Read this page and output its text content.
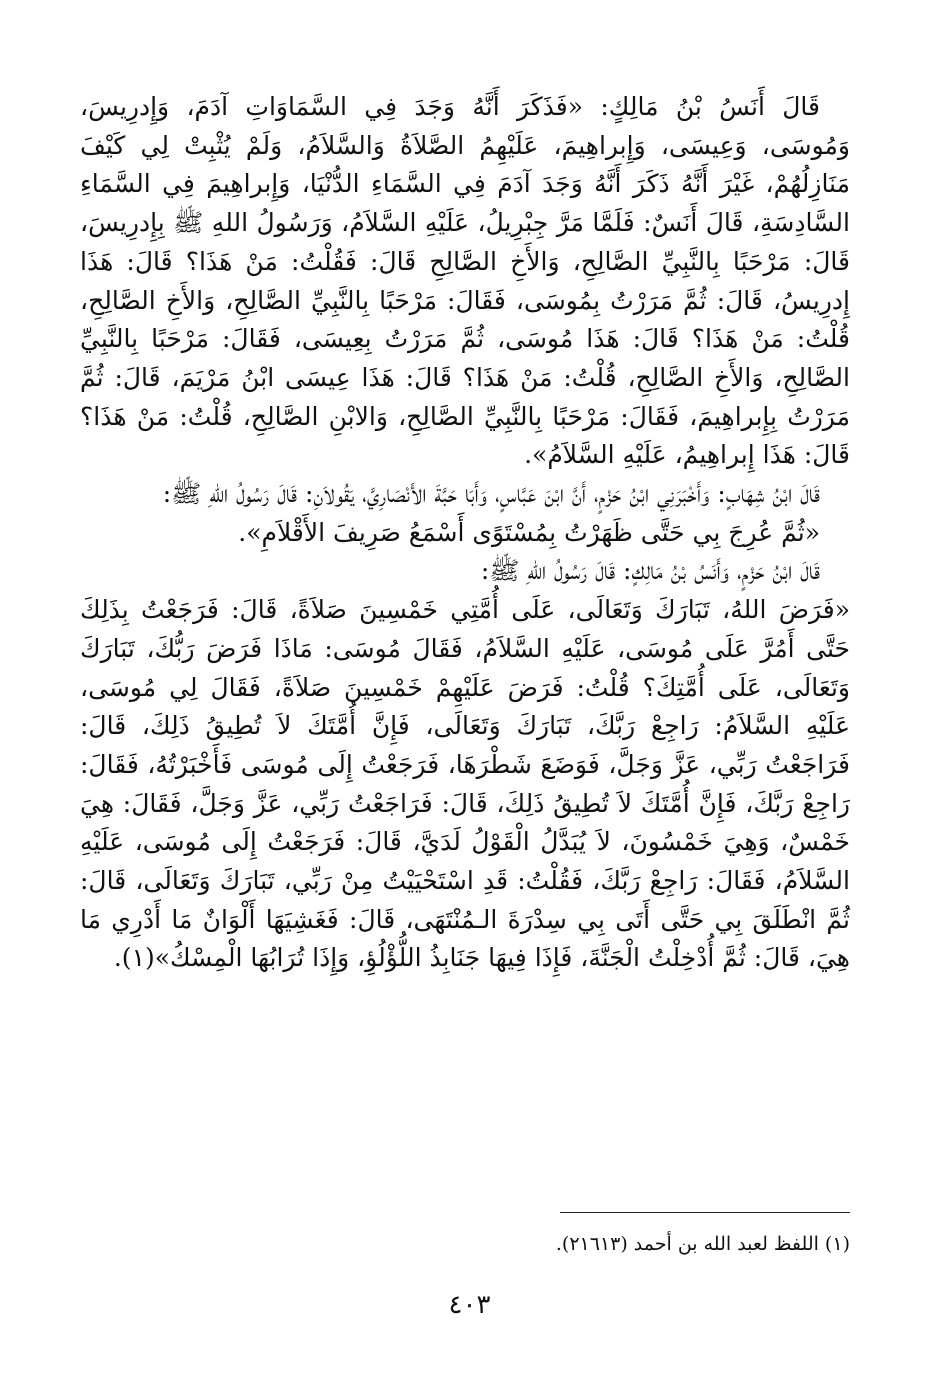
قَالَ أَنَسُ بْنُ مَالِكٍ: «فَذَكَرَ أَنَّهُ وَجَدَ فِي السَّمَاوَاتِ آدَمَ، وَإِدرِيسَ، وَمُوسَى، وَعِيسَى، وَإِبراهِيمَ، عَلَيْهِمُ الصَّلاَةُ وَالسَّلاَمُ، وَلَمْ يُثْبِتْ لِي كَيْفَ مَنَازِلُهُمْ، غَيْرَ أَنَّهُ ذَكَرَ أَنَّهُ وَجَدَ آدَمَ فِي السَّمَاءِ الدُّنْيَا، وَإِبراهِيمَ فِي السَّمَاءِ السَّادِسَةِ، قَالَ أَنَسٌ: فَلَمَّا مَرَّ جِبْرِيلُ، عَلَيْهِ السَّلاَمُ، وَرَسُولُ اللهِ ﷺ بِإِدرِيسَ، قَالَ: مَرْحَبًا بِالنَّبِيِّ الصَّالِحِ، وَالأَخِ الصَّالِحِ قَالَ: فَقُلْتُ: مَنْ هَذَا؟ قَالَ: هَذَا إِدرِيسُ، قَالَ: ثُمَّ مَرَرْتُ بِمُوسَى، فَقَالَ: مَرْحَبًا بِالنَّبِيِّ الصَّالِحِ، وَالأَخِ الصَّالِحِ، قُلْتُ: مَنْ هَذَا؟ قَالَ: هَذَا مُوسَى، ثُمَّ مَرَرْتُ بِعِيسَى، فَقَالَ: مَرْحَبًا بِالنَّبِيِّ الصَّالِحِ، وَالأَخِ الصَّالِحِ، قُلْتُ: مَنْ هَذَا؟ قَالَ: هَذَا عِيسَى ابْنُ مَرْيَمَ، قَالَ: ثُمَّ مَرَرْتُ بِإِبراهِيمَ، فَقَالَ: مَرْحَبًا بِالنَّبِيِّ الصَّالِحِ، وَالابْنِ الصَّالِحِ، قُلْتُ: مَنْ هَذَا؟ قَالَ: هَذَا إِبراهِيمُ، عَلَيْهِ السَّلاَمُ».

قَالَ ابْنُ شِهَابٍ: وَأَخْبَرَنِي ابْنُ حَزْمٍ، أَنَّ ابْنَ عَبَّاسٍ، وَأَبَا حَبَّةَ الأَنْصَارِيَّ، يَقُولاَنِ: قَالَ رَسُولُ اللهِ ﷺ:

«ثُمَّ عُرِجَ بِي حَتَّى ظَهَرْتُ بِمُسْتَوًى أَسْمَعُ صَرِيفَ الأَقْلاَمِ».

قَالَ ابْنُ حَزْمٍ، وَأَنَسُ بْنُ مَالِكٍ: قَالَ رَسُولُ اللهِ ﷺ:

«فَرَضَ اللهُ، تَبَارَكَ وَتَعَالَى، عَلَى أُمَّتِي خَمْسِينَ صَلاَةً، قَالَ: فَرَجَعْتُ بِذَلِكَ حَتَّى أَمُرَّ عَلَى مُوسَى، عَلَيْهِ السَّلاَمُ، فَقَالَ مُوسَى: مَاذَا فَرَضَ رَبُّكَ، تَبَارَكَ وَتَعَالَى، عَلَى أُمَّتِكَ؟ قُلْتُ: فَرَضَ عَلَيْهِمْ خَمْسِينَ صَلاَةً، فَقَالَ لِي مُوسَى، عَلَيْهِ السَّلاَمُ: رَاجِعْ رَبَّكَ، تَبَارَكَ وَتَعَالَى، فَإِنَّ أُمَّتَكَ لاَ تُطِيقُ ذَلِكَ، قَالَ: فَرَاجَعْتُ رَبِّي، عَزَّ وَجَلَّ، فَوَضَعَ شَطْرَهَا، فَرَجَعْتُ إِلَى مُوسَى فَأَخْبَرْتُهُ، فَقَالَ: رَاجِعْ رَبَّكَ، فَإِنَّ أُمَّتَكَ لاَ تُطِيقُ ذَلِكَ، قَالَ: فَرَاجَعْتُ رَبِّي، عَزَّ وَجَلَّ، فَقَالَ: هِيَ خَمْسٌ، وَهِيَ خَمْسُونَ، لاَ يُبَدَّلُ الْقَوْلُ لَدَيَّ، قَالَ: فَرَجَعْتُ إِلَى مُوسَى، عَلَيْهِ السَّلاَمُ، فَقَالَ: رَاجِعْ رَبَّكَ، فَقُلْتُ: قَدِ اسْتَحْيَيْتُ مِنْ رَبِّي، تَبَارَكَ وَتَعَالَى، قَالَ: ثُمَّ انْطَلَقَ بِي حَتَّى أَتَى بِي سِدْرَةَ الـمُنْتَهَى، قَالَ: فَغَشِيَهَا أَلْوَانٌ مَا أَدْرِي مَا هِيَ، قَالَ: ثُمَّ أُدْخِلْتُ الْجَنَّةَ، فَإِذَا فِيهَا جَنَابِذُ اللُّؤْلُؤِ، وَإِذَا تُرَابُهَا الْمِسْكُ»(١).

(١) اللفظ لعبد الله بن أحمد (٢١٦١٣).
٤٠٣
